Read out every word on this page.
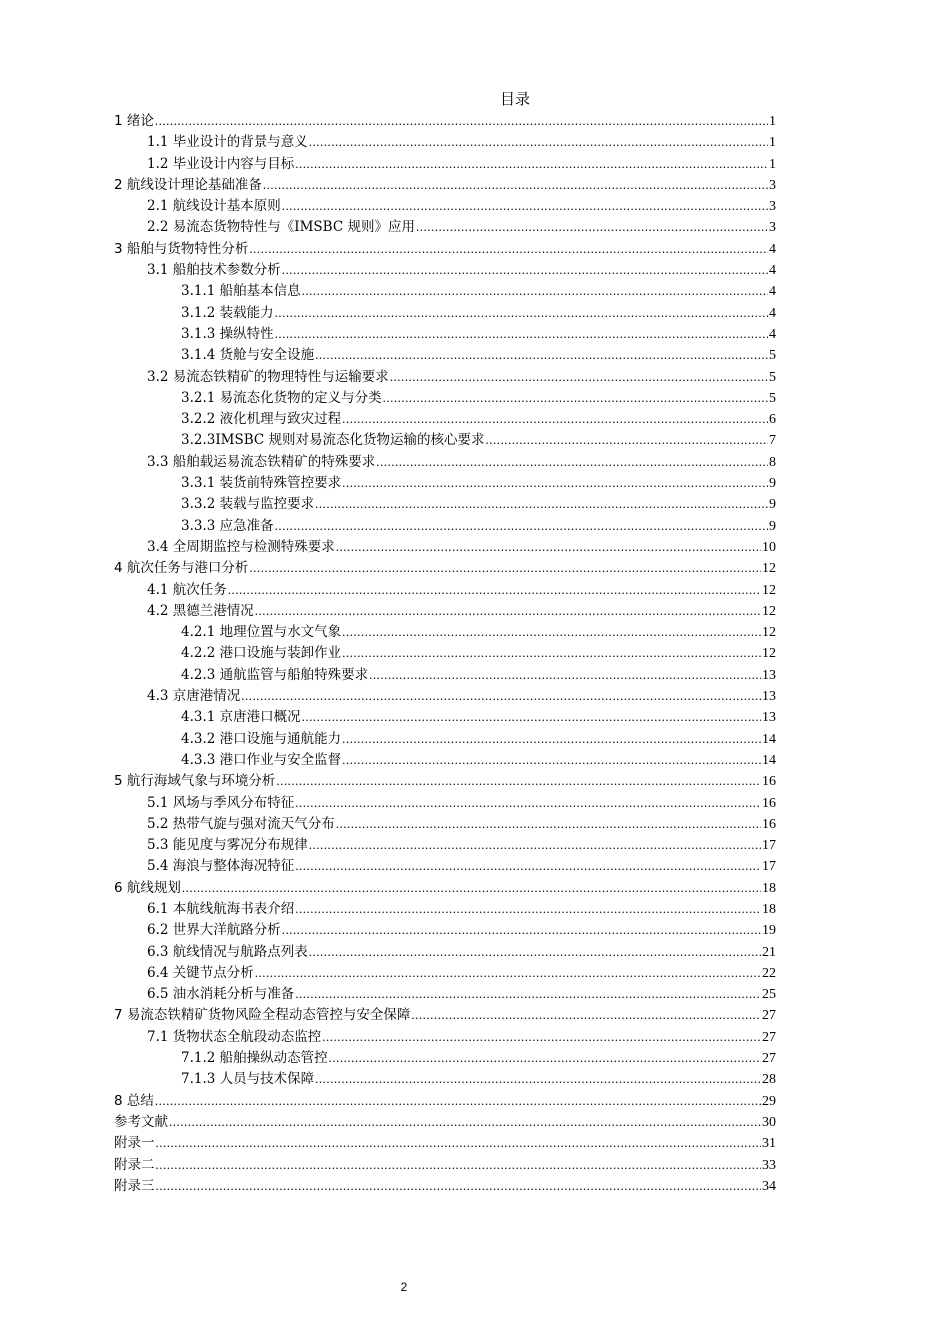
目录
1 绪论 .....	1
1.1 毕业设计的背景与意义 .....	1
1.2 毕业设计内容与目标 .....	1
2 航线设计理论基础准备 .....	3
2.1 航线设计基本原则 .....	3
2.2 易流态货物特性与《IMSBC 规则》应用 .....	3
3 船舶与货物特性分析 .....	4
3.1 船舶技术参数分析 .....	4
3.1.1 船舶基本信息 .....	4
3.1.2 装载能力 .....	4
3.1.3 操纵特性 .....	4
3.1.4 货舱与安全设施 .....	5
3.2 易流态铁精矿的物理特性与运输要求 .....	5
3.2.1 易流态化货物的定义与分类 .....	5
3.2.2 液化机理与致灾过程 .....	6
3.2.3IMSBC 规则对易流态化货物运输的核心要求 .....	7
3.3 船舶载运易流态铁精矿的特殊要求 .....	8
3.3.1 装货前特殊管控要求 .....	9
3.3.2 装载与监控要求 .....	9
3.3.3 应急准备 .....	9
3.4 全周期监控与检测特殊要求 .....	10
4 航次任务与港口分析 .....	12
4.1 航次任务 .....	12
4.2 黑德兰港情况 .....	12
4.2.1 地理位置与水文气象 .....	12
4.2.2 港口设施与装卸作业 .....	12
4.2.3 通航监管与船舶特殊要求 .....	13
4.3 京唐港情况 .....	13
4.3.1 京唐港口概况 .....	13
4.3.2 港口设施与通航能力 .....	14
4.3.3 港口作业与安全监督 .....	14
5 航行海域气象与环境分析 .....	16
5.1 风场与季风分布特征 .....	16
5.2 热带气旋与强对流天气分布 .....	16
5.3 能见度与雾况分布规律 .....	17
5.4 海浪与整体海况特征 .....	17
6 航线规划 .....	18
6.1 本航线航海书表介绍 .....	18
6.2 世界大洋航路分析 .....	19
6.3 航线情况与航路点列表 .....	21
6.4 关键节点分析 .....	22
6.5 油水消耗分析与准备 .....	25
7 易流态铁精矿货物风险全程动态管控与安全保障 .....	27
7.1 货物状态全航段动态监控 .....	27
7.1.2 船舶操纵动态管控 .....	27
7.1.3 人员与技术保障 .....	28
8 总结 .....	29
参考文献 .....	30
附录一 .....	31
附录二 .....	33
附录三 .....	34
2
